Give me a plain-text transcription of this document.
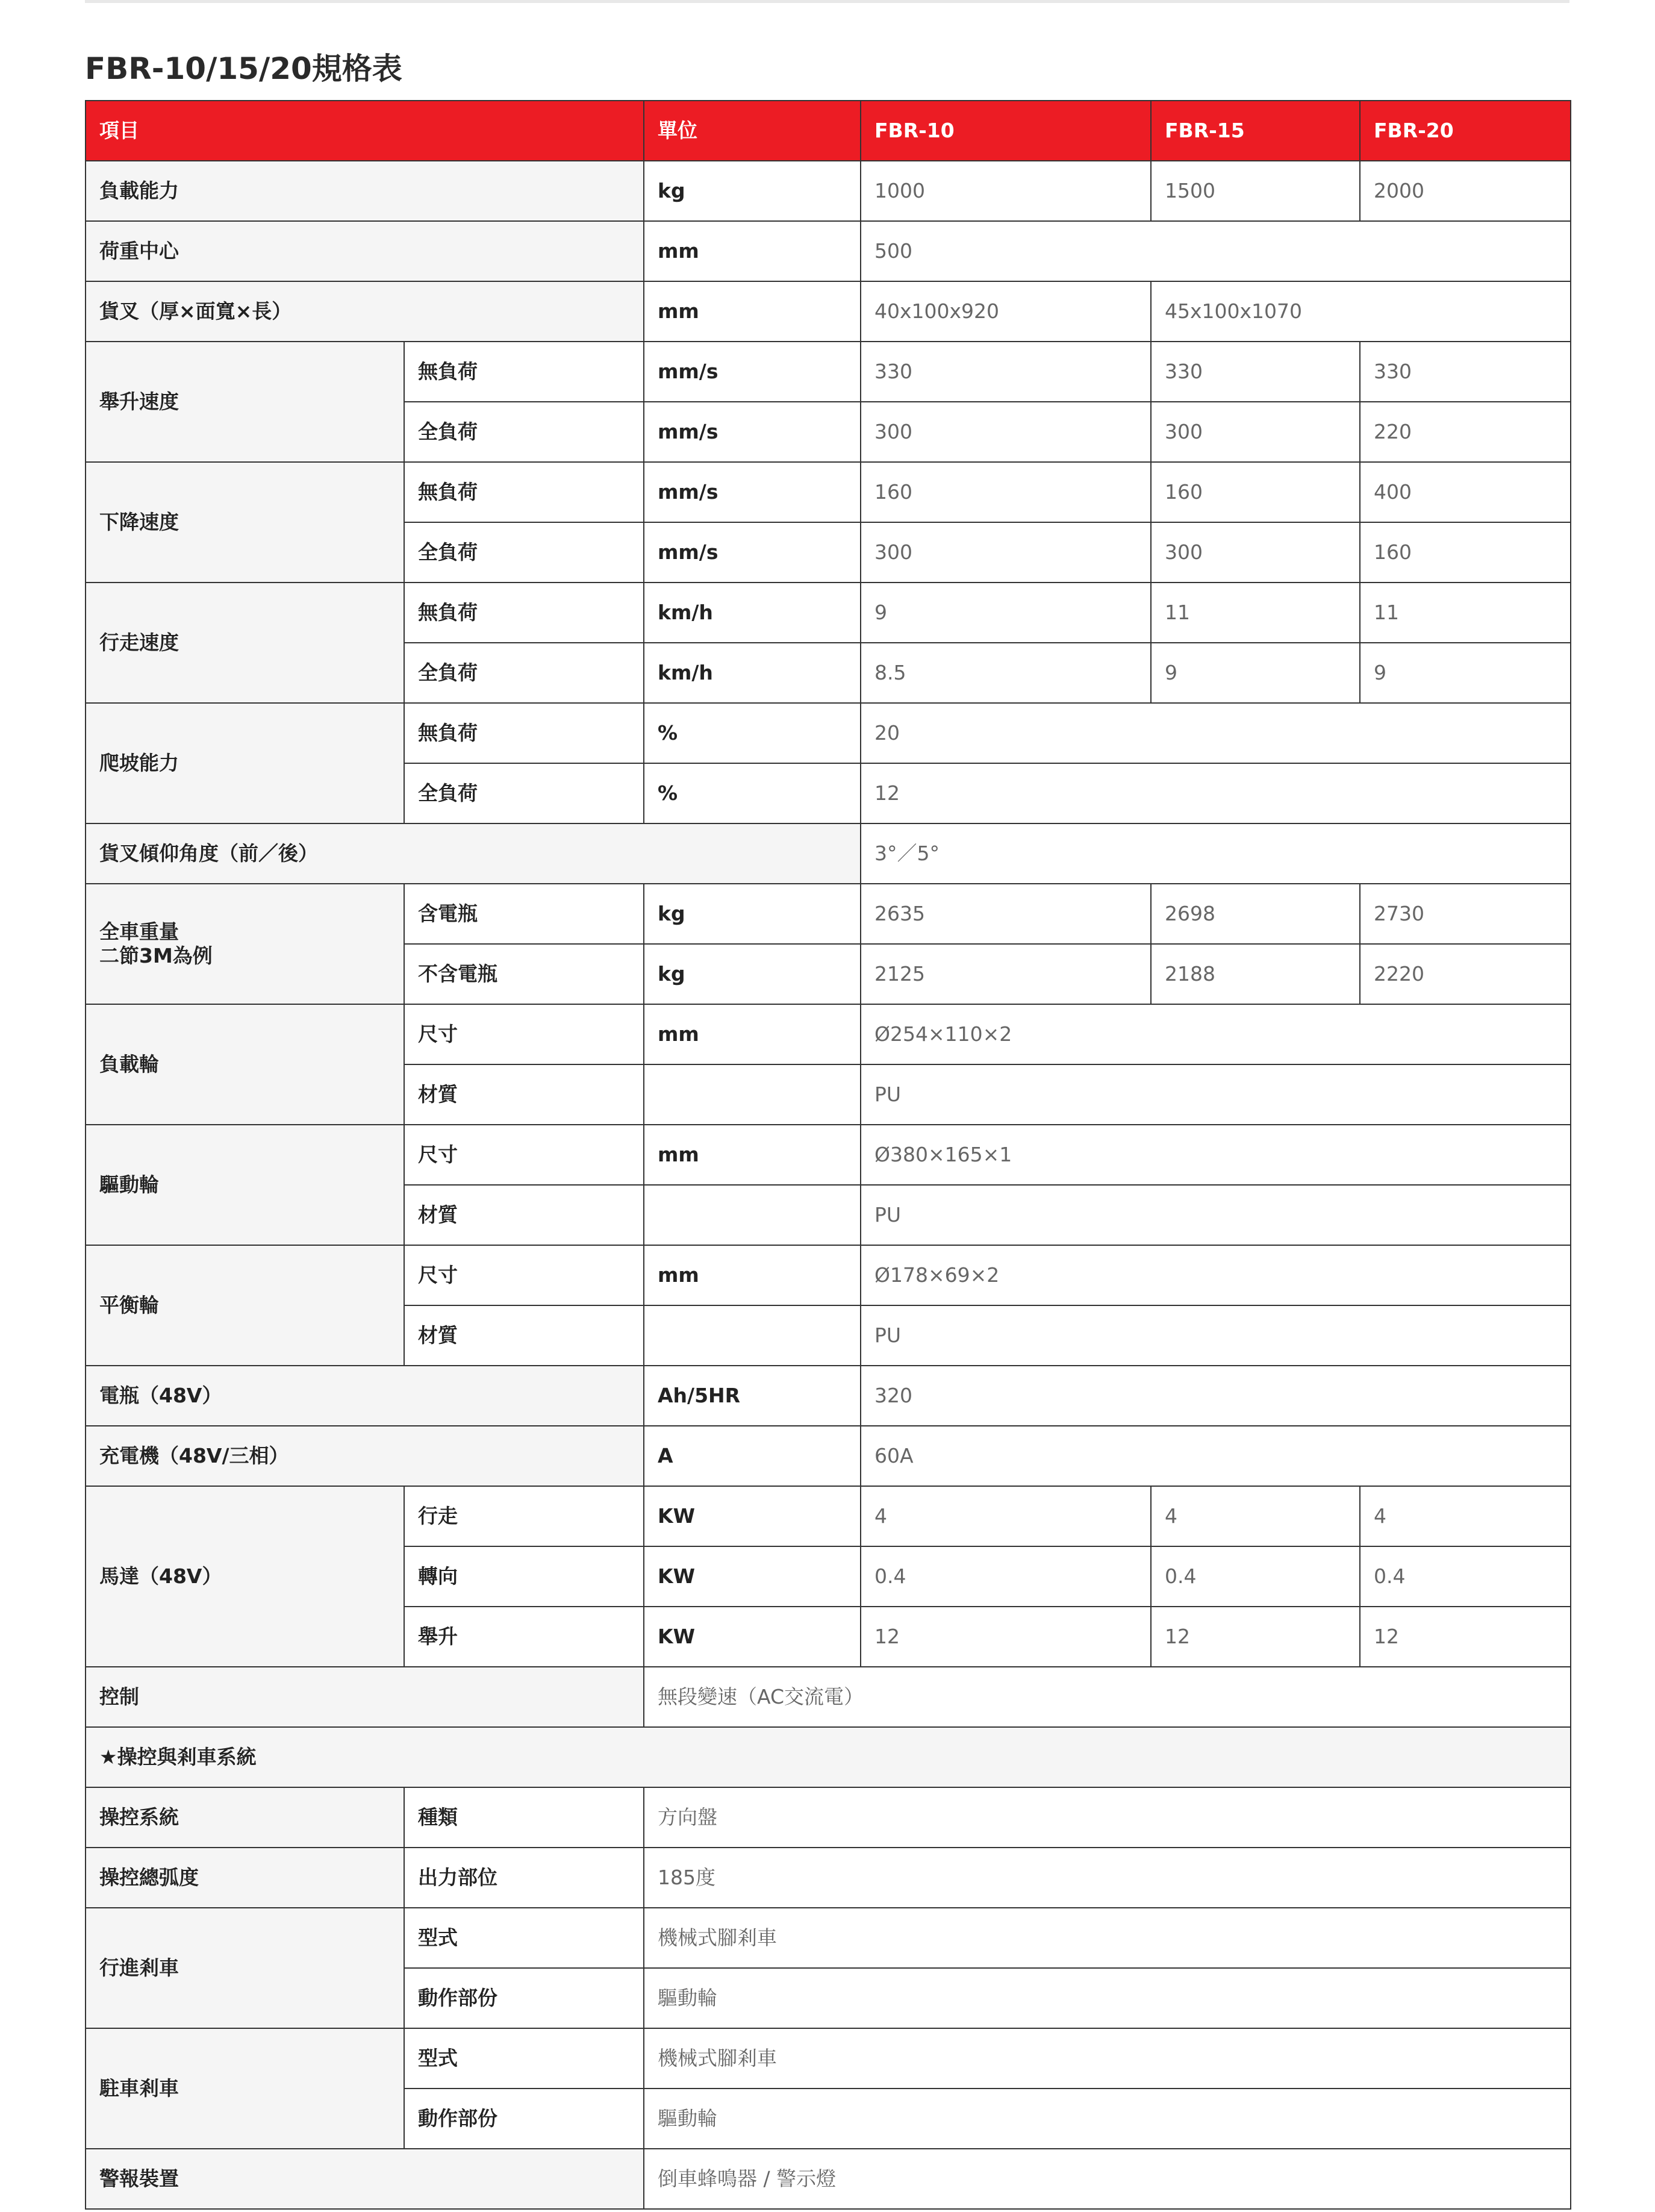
FBR-10/15/20規格表
項目		單位	FBR-10	FBR-15	FBR-20
負載能力		kg	1000	1500	2000
荷重中心		mm	500		
貨叉（厚×面寬×長）		mm	40x100x920	45x100x1070	
舉升速度	無負荷	mm/s	330	330	330
	全負荷	mm/s	300	300	220
下降速度	無負荷	mm/s	160	160	400
	全負荷	mm/s	300	300	160
行走速度	無負荷	km/h	9	11	11
	全負荷	km/h	8.5	9	9
爬坡能力	無負荷	%	20		
	全負荷	%	12		
貨叉傾仰角度（前／後）			3°／5°		

全車重量
二節3M為例	含電瓶	kg	2635	2698	2730
	不含電瓶	kg	2125	2188	2220
負載輪	尺寸	mm	Ø254×110×2		
	材質		PU		
驅動輪	尺寸	mm	Ø380×165×1		
	材質		PU		
平衡輪	尺寸	mm	Ø178×69×2		
	材質		PU		
電瓶（48V）		Ah/5HR	320		
充電機（48V/三相）		A	60A		
馬達（48V）	行走	KW	4	4	4
	轉向	KW	0.4	0.4	0.4
	舉升	KW	12	12	12
控制		無段變速（AC交流電）			
★操控與剎車系統					
操控系統	種類	方向盤			
操控總弧度	出力部位	185度			
行進剎車	型式	機械式腳剎車			
	動作部份	驅動輪			
駐車剎車	型式	機械式腳剎車			
	動作部份	驅動輪			
警報裝置		倒車蜂鳴器 / 警示燈			
